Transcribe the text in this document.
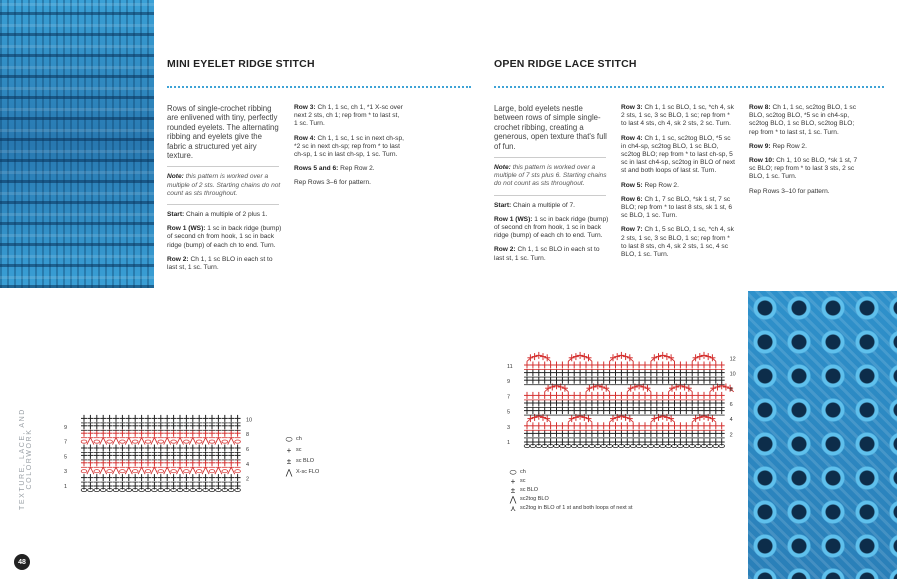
MINI EYELET RIDGE STITCH	OPEN RIDGE LACE STITCH

Rows of single-crochet ribbing are enlivened with tiny, perfectly rounded eyelets. The alternating ribbing and eyelets give the fabric a structured yet airy texture.

Note: this pattern is worked over a multiple of 2 sts. Starting chains do not count as sts throughout.

Start: Chain a multiple of 2 plus 1.

Row 1 (WS): 1 sc in back ridge (bump) of second ch from hook, 1 sc in back ridge (bump) of each ch to end. Turn.

Row 2: Ch 1, 1 sc BLO in each st to last st, 1 sc. Turn.

Row 3: Ch 1, 1 sc, ch 1, *1 X-sc over next 2 sts, ch 1; rep from * to last st, 1 sc. Turn.

Row 4: Ch 1, 1 sc, 1 sc in next ch-sp, *2 sc in next ch-sp; rep from * to last ch-sp, 1 sc in last ch-sp, 1 sc. Turn.

Rows 5 and 6: Rep Row 2.

Rep Rows 3–6 for pattern.

Large, bold eyelets nestle between rows of simple single-crochet ribbing, creating a generous, open texture that's full of fun.

Note: this pattern is worked over a multiple of 7 sts plus 6. Starting chains do not count as sts throughout.

Start: Chain a multiple of 7.

Row 1 (WS): 1 sc in back ridge (bump) of second ch from hook, 1 sc in back ridge (bump) of each ch to end. Turn.

Row 2: Ch 1, 1 sc BLO in each st to last st, 1 sc. Turn.

Row 3: Ch 1, 1 sc BLO, 1 sc, *ch 4, sk 2 sts, 1 sc, 3 sc BLO, 1 sc; rep from * to last 4 sts, ch 4, sk 2 sts, 2 sc. Turn.

Row 4: Ch 1, 1 sc, sc2tog BLO, *5 sc in ch4-sp, sc2tog BLO, 1 sc BLO, sc2tog BLO; rep from * to last ch-sp, 5 sc in last ch4-sp, sc2tog in BLO of next st and both loops of last st. Turn.

Row 5: Rep Row 2.

Row 6: Ch 1, 7 sc BLO, *sk 1 st, 7 sc BLO; rep from * to last 8 sts, sk 1 st, 6 sc BLO, 1 sc. Turn.

Row 7: Ch 1, 5 sc BLO, 1 sc, *ch 4, sk 2 sts, 1 sc, 3 sc BLO, 1 sc; rep from * to last 8 sts, ch 4, sk 2 sts, 1 sc, 4 sc BLO, 1 sc. Turn.

Row 8: Ch 1, 1 sc, sc2tog BLO, 1 sc BLO, sc2tog BLO, *5 sc in ch4-sp, sc2tog BLO, 1 sc BLO, sc2tog BLO; rep from * to last st, 1 sc. Turn.

Row 9: Rep Row 2.

Row 10: Ch 1, 10 sc BLO, *sk 1 st, 7 sc BLO; rep from * to last 3 sts, 2 sc BLO, 1 sc. Turn.

Rep Rows 3–10 for pattern.

9
7
5
3
1
10
8
6
4
2
⬭ ch
+ sc
± sc BLO
⋀ X-sc FLO
11
9
7
5
3
1
12
10
8
6
4
2
⬭ ch
+ sc
± sc BLO
⋀ sc2tog BLO
⋏ sc2tog in BLO of 1 st and both loops of next st
TEXTURE, LACE, AND COLORWORK
48
